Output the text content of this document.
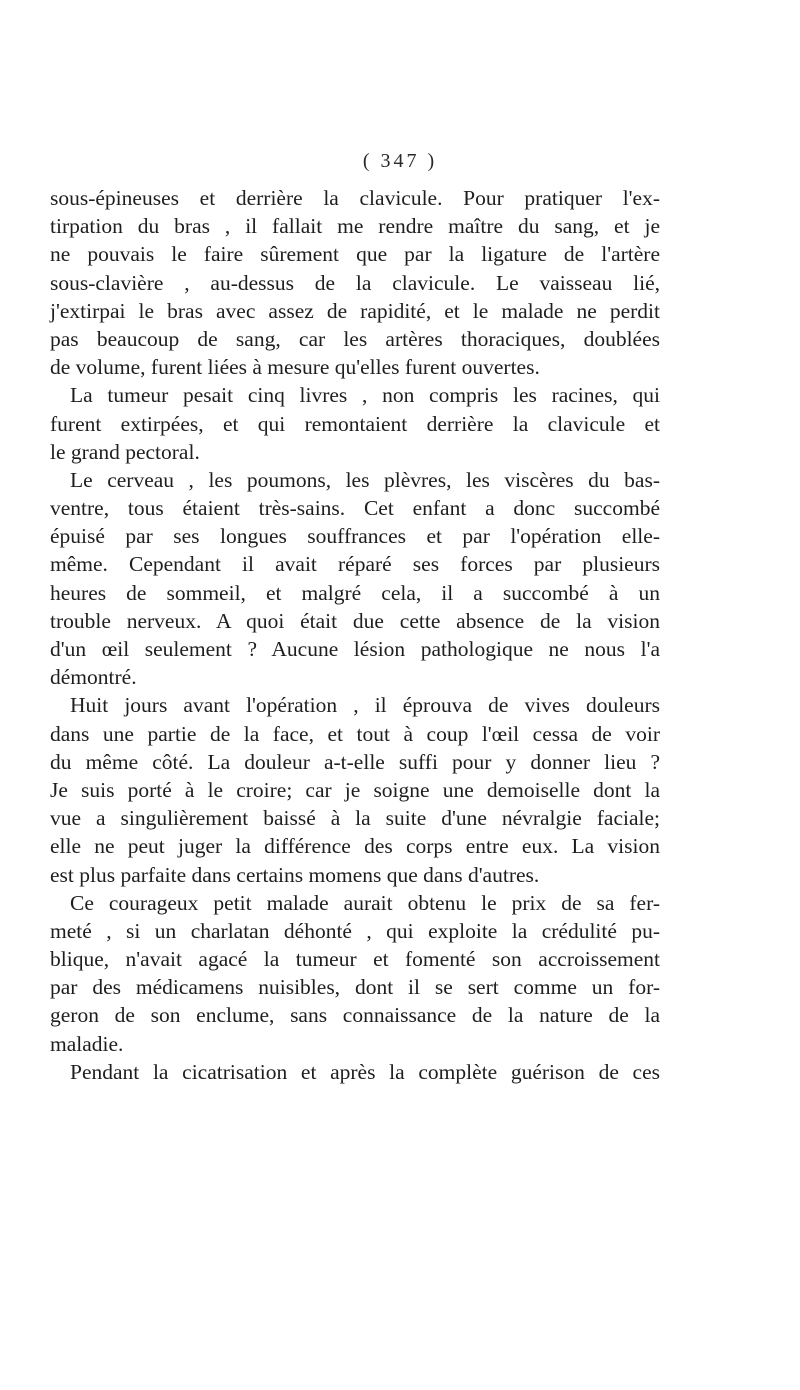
( 347 )
sous-épineuses et derrière la clavicule. Pour pratiquer l'ex-
tirpation du bras , il fallait me rendre maître du sang, et je
ne pouvais le faire sûrement que par la ligature de l'artère
sous-clavière , au-dessus de la clavicule. Le vaisseau lié,
j'extirpai le bras avec assez de rapidité, et le malade ne perdit
pas beaucoup de sang, car les artères thoraciques, doublées
de volume, furent liées à mesure qu'elles furent ouvertes.
La tumeur pesait cinq livres , non compris les racines, qui
furent extirpées, et qui remontaient derrière la clavicule et
le grand pectoral.
Le cerveau , les poumons, les plèvres, les viscères du bas-
ventre, tous étaient très-sains. Cet enfant a donc succombé
épuisé par ses longues souffrances et par l'opération elle-
même. Cependant il avait réparé ses forces par plusieurs
heures de sommeil, et malgré cela, il a succombé à un
trouble nerveux. A quoi était due cette absence de la vision
d'un œil seulement ? Aucune lésion pathologique ne nous l'a
démontré.
Huit jours avant l'opération , il éprouva de vives douleurs
dans une partie de la face, et tout à coup l'œil cessa de voir
du même côté. La douleur a-t-elle suffi pour y donner lieu ?
Je suis porté à le croire; car je soigne une demoiselle dont la
vue a singulièrement baissé à la suite d'une névralgie faciale;
elle ne peut juger la différence des corps entre eux. La vision
est plus parfaite dans certains momens que dans d'autres.
Ce courageux petit malade aurait obtenu le prix de sa fer-
meté , si un charlatan déhonté , qui exploite la crédulité pu-
blique, n'avait agacé la tumeur et fomenté son accroissement
par des médicamens nuisibles, dont il se sert comme un for-
geron de son enclume, sans connaissance de la nature de la
maladie.
Pendant la cicatrisation et après la complète guérison de ces
